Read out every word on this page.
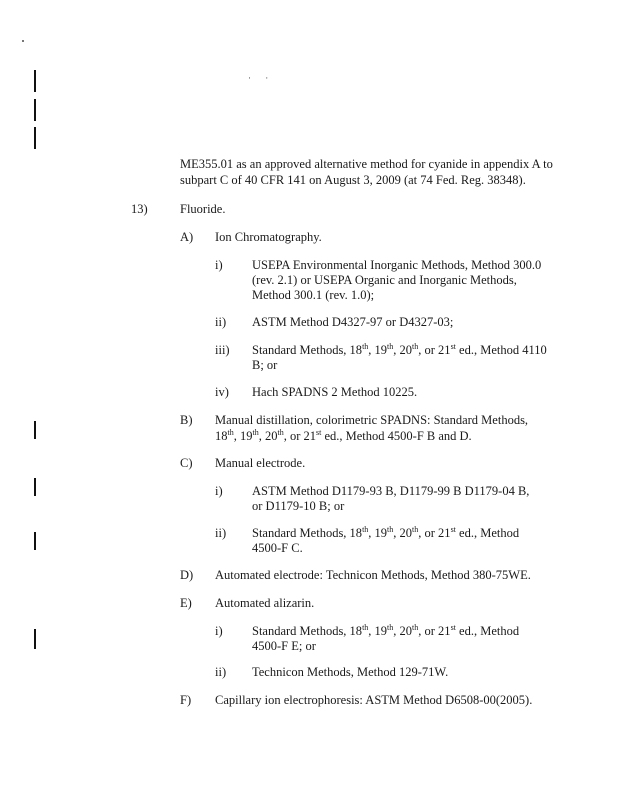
· ·
ME355.01 as an approved alternative method for cyanide in appendix A to
subpart C of 40 CFR 141 on August 3, 2009 (at 74 Fed. Reg. 38348).
13)	Fluoride.
A) Ion Chromatography.
i) USEPA Environmental Inorganic Methods, Method 300.0
(rev. 2.1) or USEPA Organic and Inorganic Methods,
Method 300.1 (rev. 1.0);
ii) ASTM Method D4327-97 or D4327-03;
iii) Standard Methods, 18th, 19th, 20th, or 21st ed., Method 4110
B; or
iv) Hach SPADNS 2 Method 10225.
B) Manual distillation, colorimetric SPADNS: Standard Methods,
18th, 19th, 20th, or 21st ed., Method 4500-F B and D.
C) Manual electrode.
i) ASTM Method D1179-93 B, D1179-99 B D1179-04 B,
or D1179-10 B; or
ii) Standard Methods, 18th, 19th, 20th, or 21st ed., Method
4500-F C.
D) Automated electrode: Technicon Methods, Method 380-75WE.
E) Automated alizarin.
i) Standard Methods, 18th, 19th, 20th, or 21st ed., Method
4500-F E; or
ii) Technicon Methods, Method 129-71W.
F) Capillary ion electrophoresis: ASTM Method D6508-00(2005).
